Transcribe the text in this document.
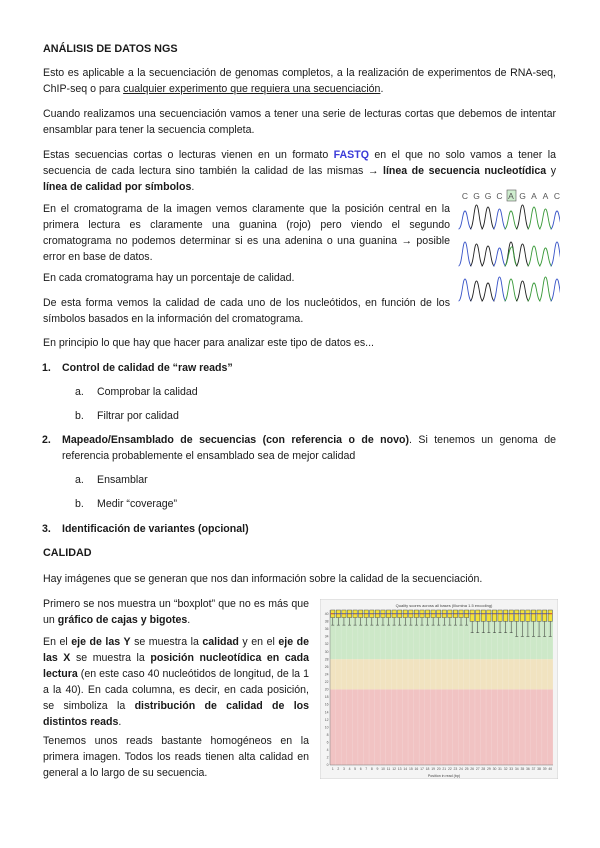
ANÁLISIS DE DATOS NGS

Esto es aplicable a la secuenciación de genomas completos, a la realización de experimentos de RNA-seq, ChIP-seq o para cualquier experimento que requiera una secuenciación.

Cuando realizamos una secuenciación vamos a tener una serie de lecturas cortas que debemos de intentar ensamblar para tener la secuencia completa.

Estas secuencias cortas o lecturas vienen en un formato FASTQ en el que no solo vamos a tener la secuencia de cada lectura sino también la calidad de las mismas → línea de secuencia nucleotídica y línea de calidad por símbolos.

En el cromatograma de la imagen vemos claramente que la posición central en la primera lectura es claramente una guanina (rojo) pero viendo el segundo cromatograma no podemos determinar si es una adenina o una guanina → posible error en base de datos.

En cada cromatograma hay un porcentaje de calidad.

De esta forma vemos la calidad de cada uno de los nucleótidos, en función de los símbolos basados en la información del cromatograma.

C G G C A G A A C

En principio lo que hay que hacer para analizar este tipo de datos es...

1. Control de calidad de “raw reads”
a. Comprobar la calidad
b. Filtrar por calidad
2. Mapeado/Ensamblado de secuencias (con referencia o de novo). Si tenemos un genoma de referencia probablemente el ensamblado sea de mejor calidad
a. Ensamblar
b. Medir “coverage”
3. Identificación de variantes (opcional)
CALIDAD

Hay imágenes que se generan que nos dan información sobre la calidad de la secuenciación.

Primero se nos muestra un “boxplot” que no es más que un gráfico de cajas y bigotes.

En el eje de las Y se muestra la calidad y en el eje de las X se muestra la posición nucleotídica en cada lectura (en este caso 40 nucleótidos de longitud, de la 1 a la 40). En cada columna, es decir, en cada posición, se simboliza la distribución de calidad de los distintos reads.

Tenemos unos reads bastante homogéneos en la primera imagen. Todos los reads tienen alta calidad en general a lo largo de su secuencia.

Quality scores across all bases (Illumina 1.5 encoding)
0
2
4
6
8
10
12
14
16
18
20
22
24
26
28
30
32
34
36
38
40
1 2 3 4 5 6 7 8 9 10 11 12 13 14 15 16 17 18 19 20 21 22 23 24 25 26 27 28 29 30 31 32 33 34 35 36 37 38 39 40
Position in read (bp)
